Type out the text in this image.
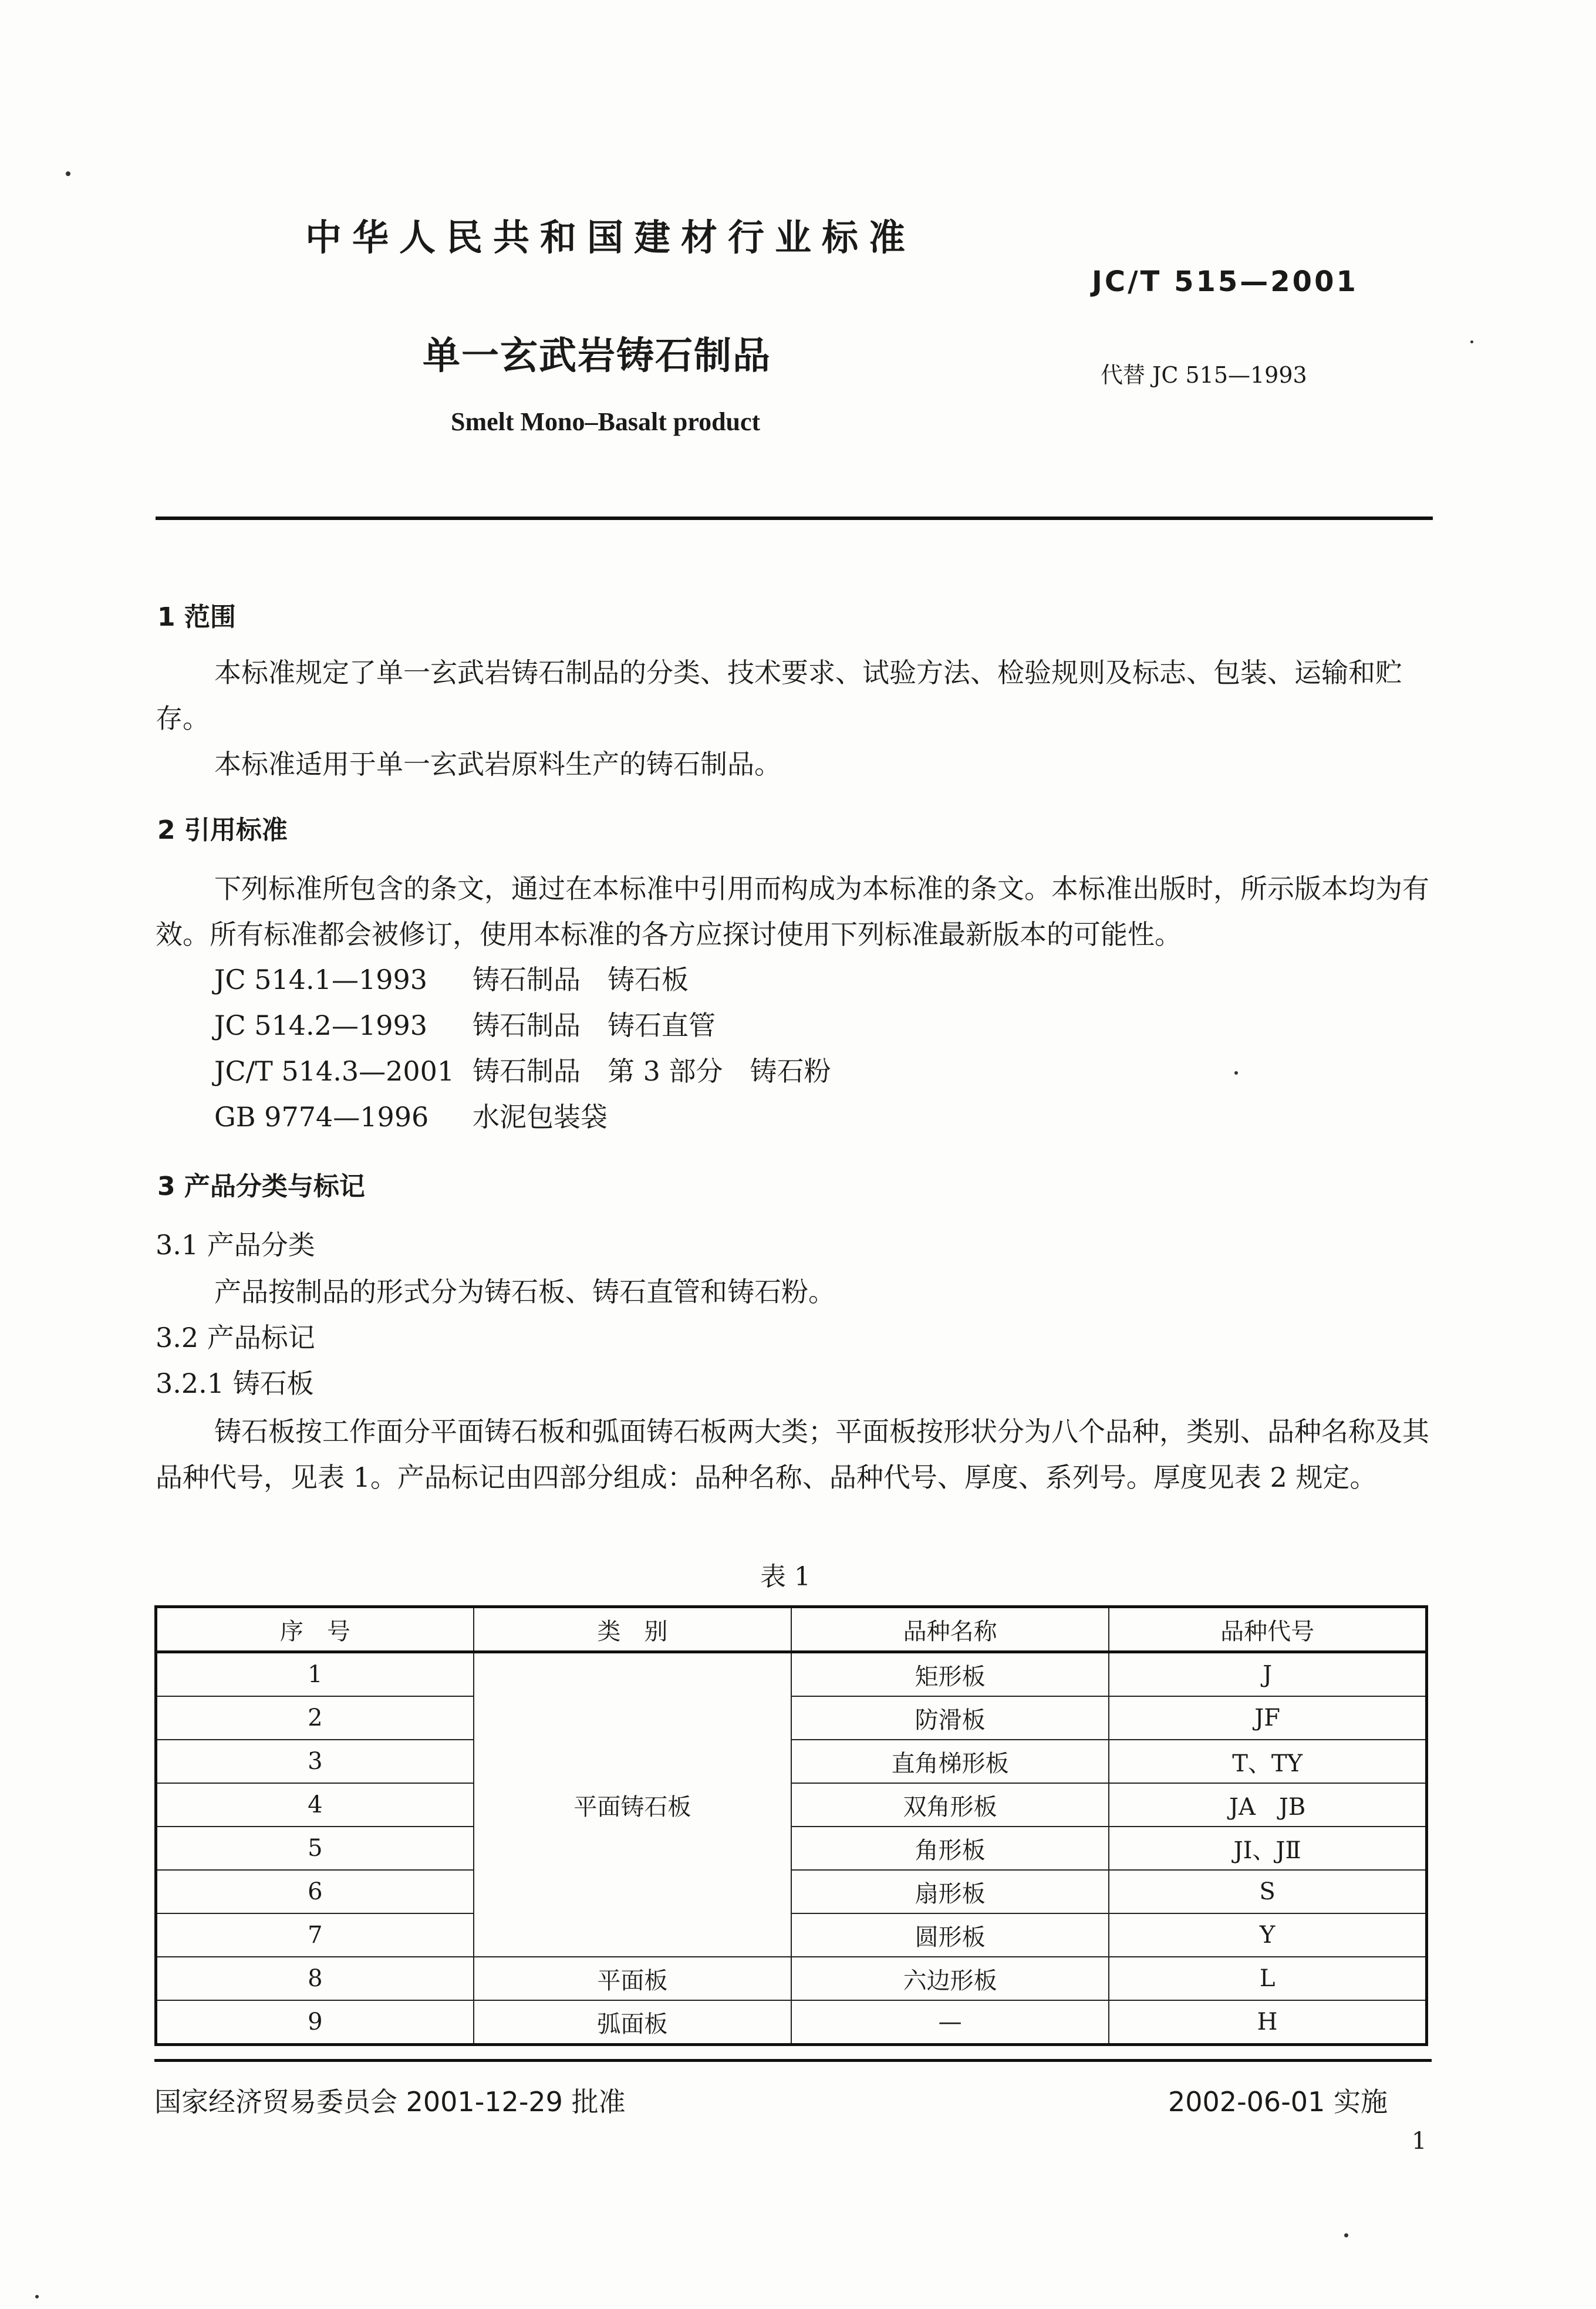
中华人民共和国建材行业标准
JC/T 515—2001
单一玄武岩铸石制品	代替 JC 515—1993
Smelt Mono–Basalt product
1 范围
本标准规定了单一玄武岩铸石制品的分类、技术要求、试验方法、检验规则及标志、包装、运输和贮存。
本标准适用于单一玄武岩原料生产的铸石制品。
2 引用标准
下列标准所包含的条文，通过在本标准中引用而构成为本标准的条文。本标准出版时，所示版本均为有效。所有标准都会被修订，使用本标准的各方应探讨使用下列标准最新版本的可能性。
JC 514.1—1993 铸石制品　铸石板
JC 514.2—1993 铸石制品　铸石直管
JC/T 514.3—2001 铸石制品　第 3 部分　铸石粉
GB 9774—1996 水泥包装袋
3 产品分类与标记
3.1 产品分类
产品按制品的形式分为铸石板、铸石直管和铸石粉。
3.2 产品标记
3.2.1 铸石板
铸石板按工作面分平面铸石板和弧面铸石板两大类；平面板按形状分为八个品种，类别、品种名称及其品种代号，见表 1。产品标记由四部分组成：品种名称、品种代号、厚度、系列号。厚度见表 2 规定。
表 1
序　号	类　别	品种名称	品种代号
1	平面铸石板	矩形板	J
2		防滑板	JF
3		直角梯形板	T、TY
4		双角形板	JA　JB
5		角形板	JⅠ、JⅡ
6		扇形板	S
7		圆形板	Y
8	平面板	六边形板	L
9	弧面板	—	H
国家经济贸易委员会 2001-12-29 批准	2002-06-01 实施
1
